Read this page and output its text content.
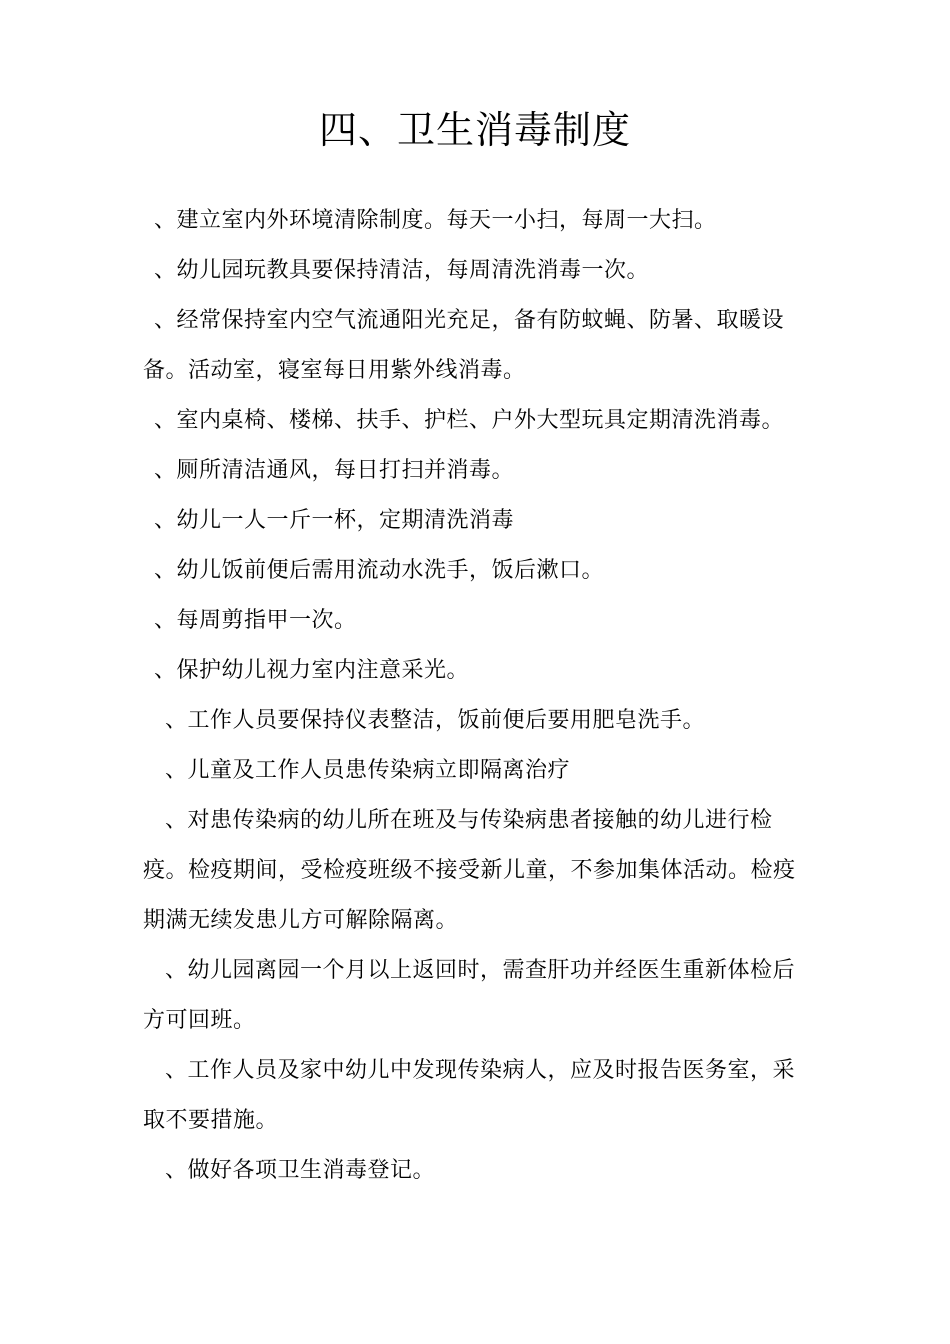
四、卫生消毒制度

、建立室内外环境清除制度。每天一小扫，每周一大扫。

、幼儿园玩教具要保持清洁，每周清洗消毒一次。

、经常保持室内空气流通阳光充足，备有防蚊蝇、防暑、取暖设备。活动室，寝室每日用紫外线消毒。

、室内桌椅、楼梯、扶手、护栏、户外大型玩具定期清洗消毒。

、厕所清洁通风，每日打扫并消毒。

、幼儿一人一斤一杯，定期清洗消毒

、幼儿饭前便后需用流动水洗手，饭后漱口。

、每周剪指甲一次。

、保护幼儿视力室内注意采光。

、工作人员要保持仪表整洁，饭前便后要用肥皂洗手。

、儿童及工作人员患传染病立即隔离治疗

、对患传染病的幼儿所在班及与传染病患者接触的幼儿进行检疫。检疫期间，受检疫班级不接受新儿童，不参加集体活动。检疫期满无续发患儿方可解除隔离。

、幼儿园离园一个月以上返回时，需查肝功并经医生重新体检后方可回班。

、工作人员及家中幼儿中发现传染病人，应及时报告医务室，采取不要措施。

、做好各项卫生消毒登记。
